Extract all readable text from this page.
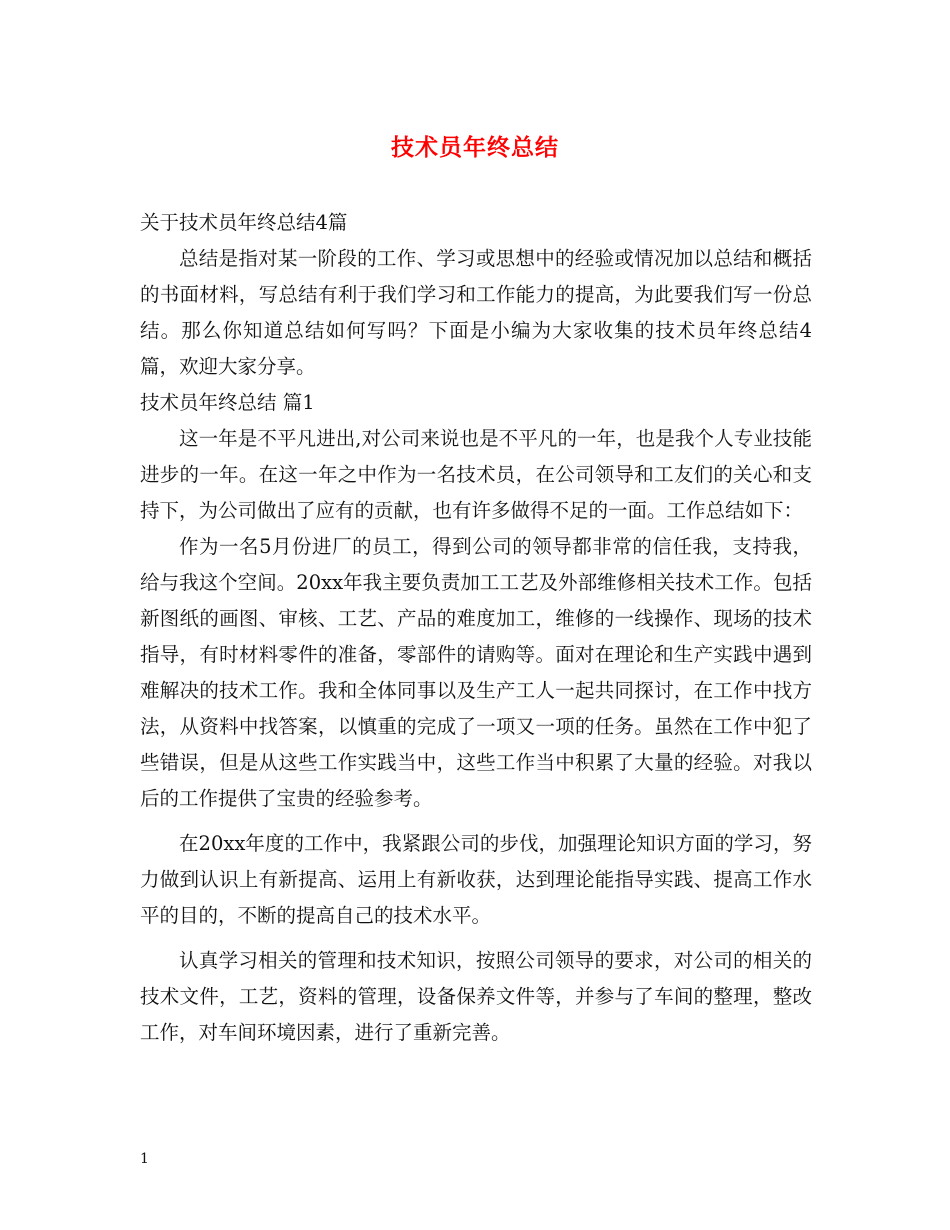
技术员年终总结

关于技术员年终总结4篇

总结是指对某一阶段的工作、学习或思想中的经验或情况加以总结和概括的书面材料，写总结有利于我们学习和工作能力的提高，为此要我们写一份总结。那么你知道总结如何写吗？下面是小编为大家收集的技术员年终总结4篇，欢迎大家分享。

技术员年终总结 篇1

这一年是不平凡进出,对公司来说也是不平凡的一年，也是我个人专业技能进步的一年。在这一年之中作为一名技术员，在公司领导和工友们的关心和支持下，为公司做出了应有的贡献，也有许多做得不足的一面。工作总结如下：

作为一名5月份进厂的员工，得到公司的领导都非常的信任我，支持我，给与我这个空间。20xx年我主要负责加工工艺及外部维修相关技术工作。包括新图纸的画图、审核、工艺、产品的难度加工，维修的一线操作、现场的技术指导，有时材料零件的准备，零部件的请购等。面对在理论和生产实践中遇到难解决的技术工作。我和全体同事以及生产工人一起共同探讨，在工作中找方法，从资料中找答案，以慎重的完成了一项又一项的任务。虽然在工作中犯了些错误，但是从这些工作实践当中，这些工作当中积累了大量的经验。对我以后的工作提供了宝贵的经验参考。

在20xx年度的工作中，我紧跟公司的步伐，加强理论知识方面的学习，努力做到认识上有新提高、运用上有新收获，达到理论能指导实践、提高工作水平的目的，不断的提高自己的技术水平。

认真学习相关的管理和技术知识，按照公司领导的要求，对公司的相关的技术文件，工艺，资料的管理，设备保养文件等，并参与了车间的整理，整改工作，对车间环境因素，进行了重新完善。

1
